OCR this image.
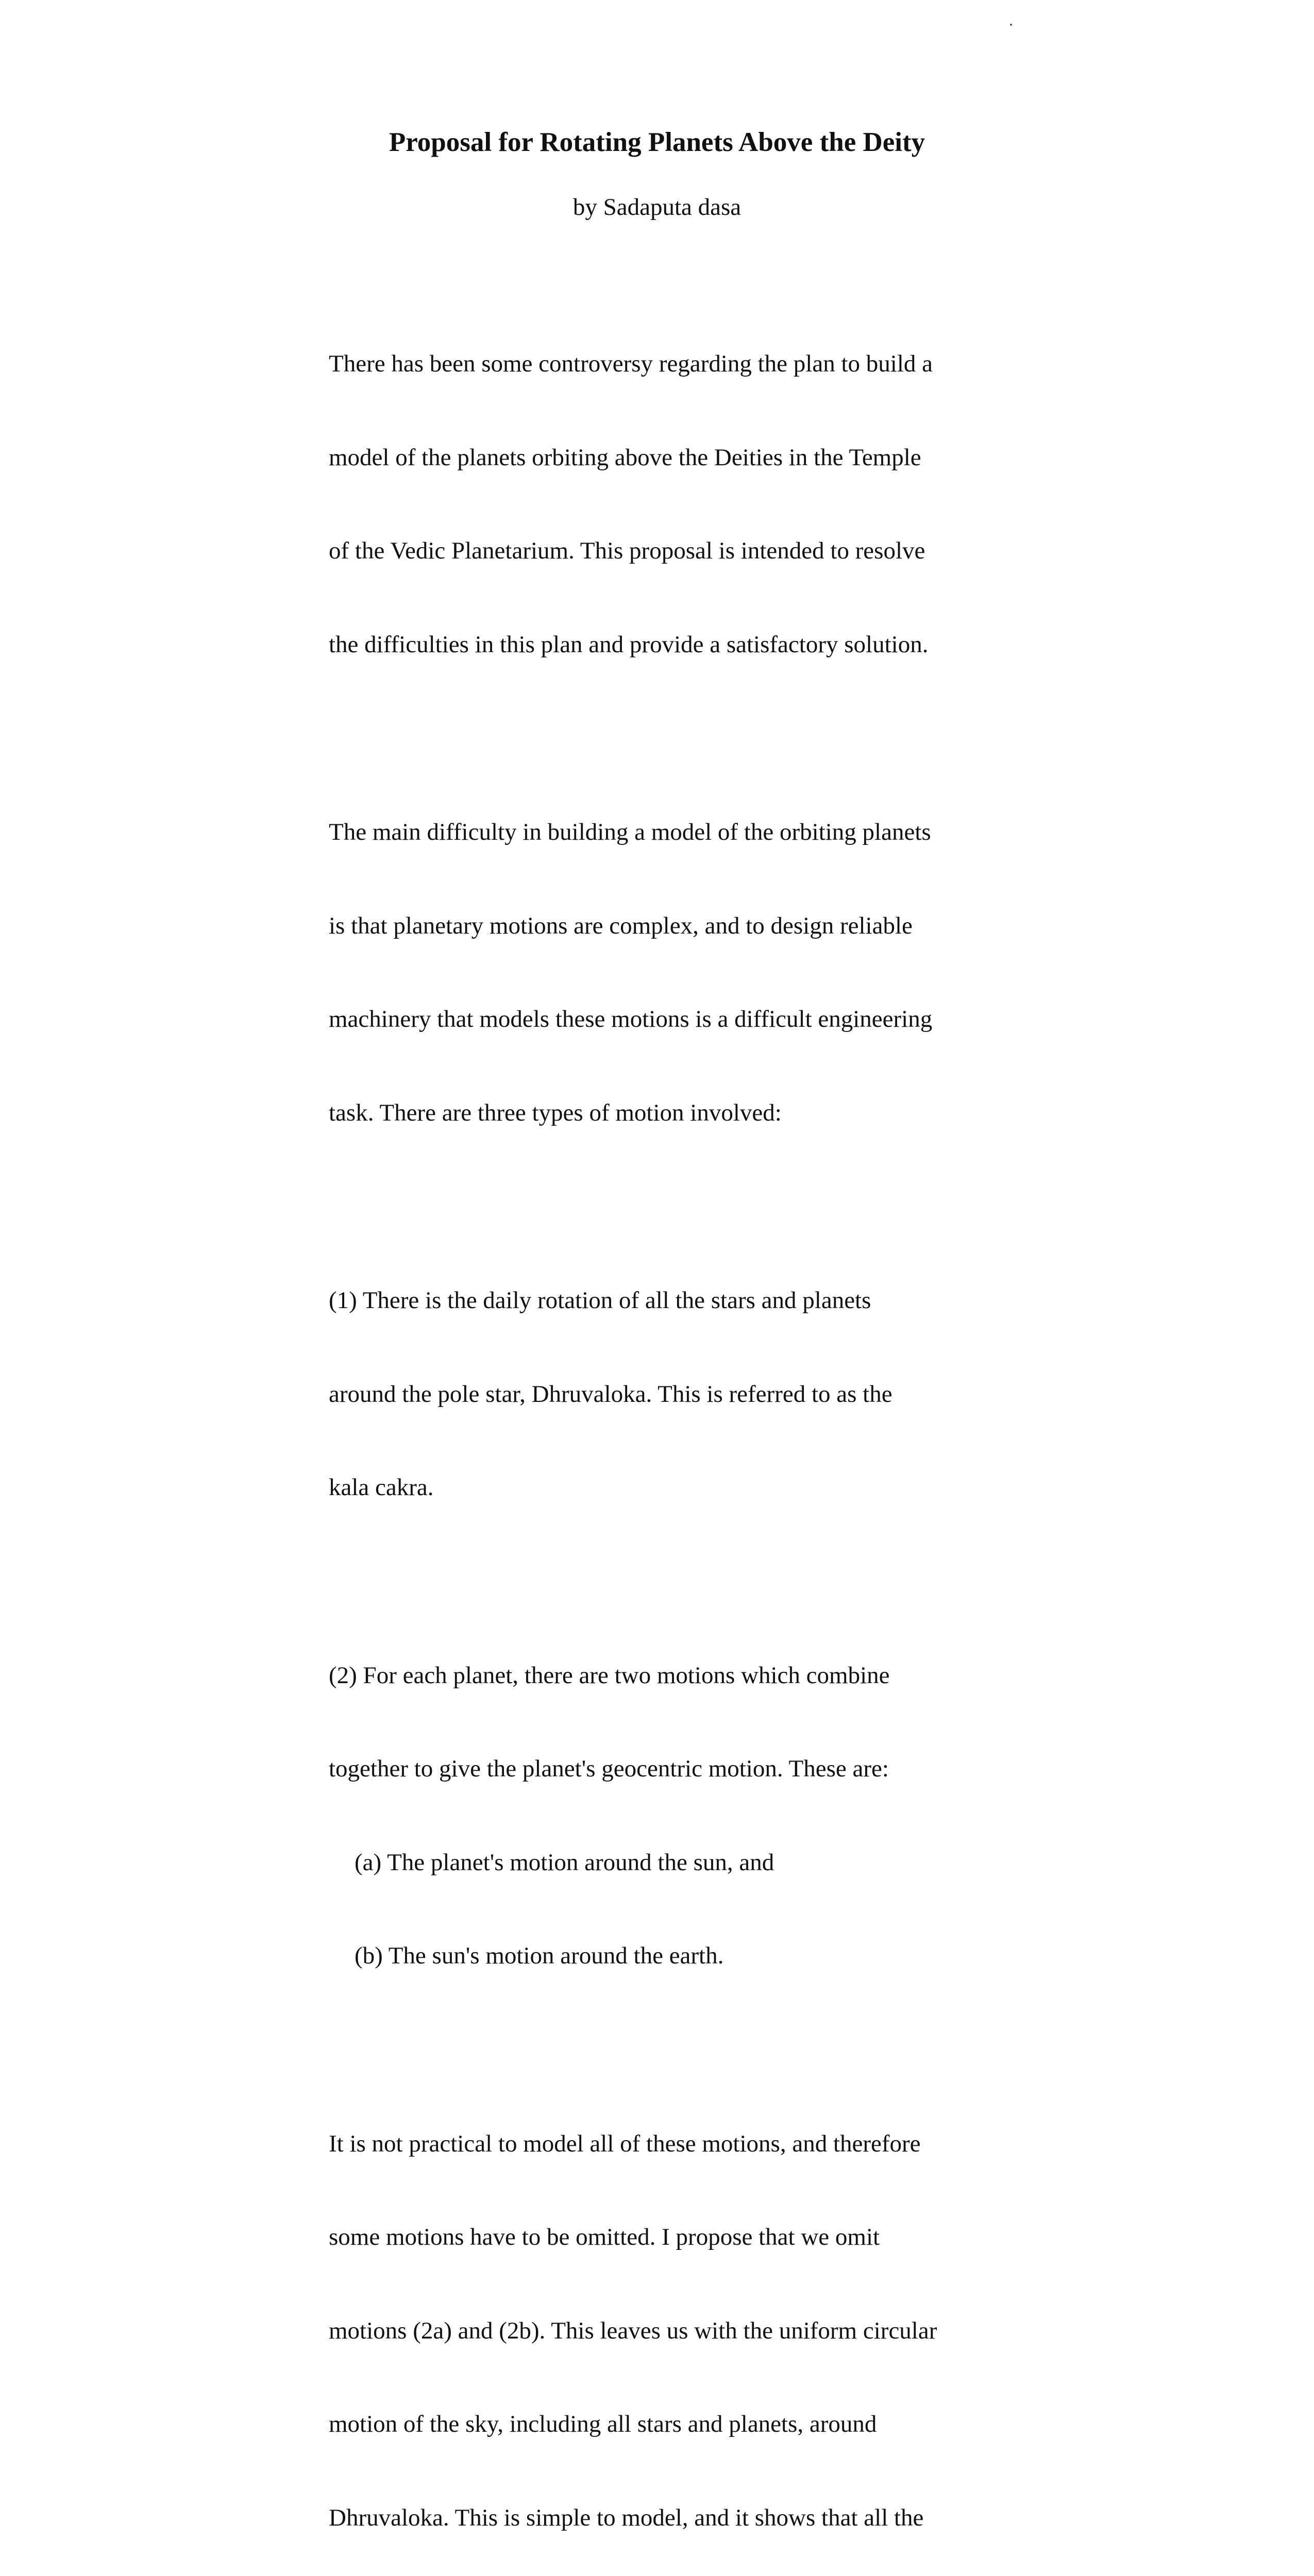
Proposal for Rotating Planets Above the Deity
by Sadaputa dasa

There has been some controversy regarding the plan to build a

model of the planets orbiting above the Deities in the Temple

of the Vedic Planetarium. This proposal is intended to resolve

the difficulties in this plan and provide a satisfactory solution.

The main difficulty in building a model of the orbiting planets

is that planetary motions are complex, and to design reliable

machinery that models these motions is a difficult engineering

task. There are three types of motion involved:

(1) There is the daily rotation of all the stars and planets

around the pole star, Dhruvaloka. This is referred to as the

kala cakra.

(2) For each planet, there are two motions which combine

together to give the planet's geocentric motion. These are:

(a) The planet's motion around the sun, and

(b) The sun's motion around the earth.

It is not practical to model all of these motions, and therefore

some motions have to be omitted. I propose that we omit

motions (2a) and (2b). This leaves us with the uniform circular

motion of the sky, including all stars and planets, around

Dhruvaloka. This is simple to model, and it shows that all the
